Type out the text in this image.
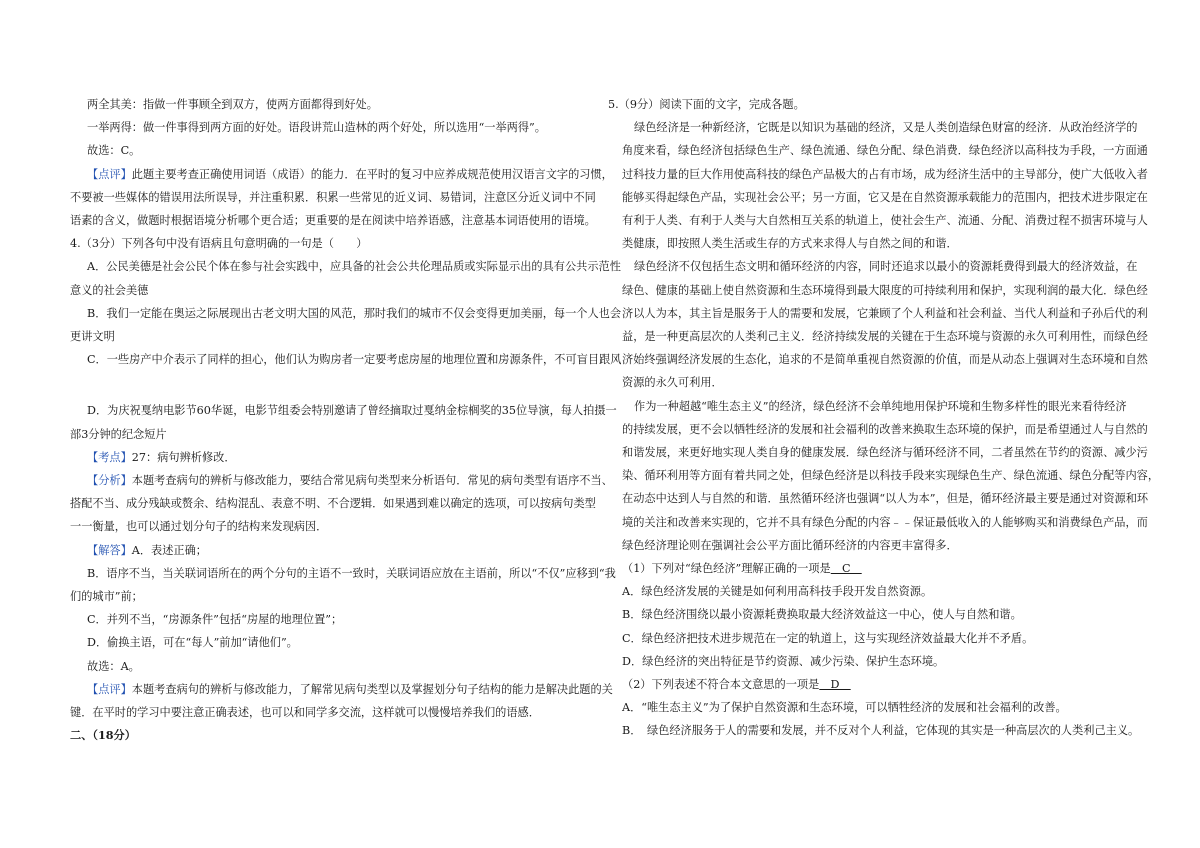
两全其美：指做一件事顾全到双方，使两方面都得到好处。

一举两得：做一件事得到两方面的好处。语段讲荒山造林的两个好处，所以选用“一举两得”。

故选：C。

【点评】此题主要考查正确使用词语（成语）的能力．在平时的复习中应养成规范使用汉语言文字的习惯，

不要被一些媒体的错误用法所误导，并注重积累．积累一些常见的近义词、易错词，注意区分近义词中不同

语素的含义，做题时根据语境分析哪个更合适；更重要的是在阅读中培养语感，注意基本词语使用的语境。

4.（3分）下列各句中没有语病且句意明确的一句是（　　）

A．公民美德是社会公民个体在参与社会实践中，应具备的社会公共伦理品质或实际显示出的具有公共示范性

意义的社会美德

B．我们一定能在奥运之际展现出古老文明大国的风范，那时我们的城市不仅会变得更加美丽，每一个人也会

更讲文明

C．一些房产中介表示了同样的担心，他们认为购房者一定要考虑房屋的地理位置和房源条件，不可盲目跟风

D．为庆祝戛纳电影节60华诞，电影节组委会特别邀请了曾经摘取过戛纳金棕榈奖的35位导演，每人拍摄一

部3分钟的纪念短片

【考点】27：病句辨析修改．

【分析】本题考查病句的辨析与修改能力，要结合常见病句类型来分析语句．常见的病句类型有语序不当、

搭配不当、成分残缺或赘余、结构混乱、表意不明、不合逻辑．如果遇到难以确定的选项，可以按病句类型

一一衡量，也可以通过划分句子的结构来发现病因．

【解答】A．表述正确；

B．语序不当，当关联词语所在的两个分句的主语不一致时，关联词语应放在主语前，所以“不仅”应移到“我

们的城市”前；

C．并列不当，“房源条件”包括“房屋的地理位置”；

D．偷换主语，可在“每人”前加“请他们”。

故选：A。

【点评】本题考查病句的辨析与修改能力，了解常见病句类型以及掌握划分句子结构的能力是解决此题的关

键．在平时的学习中要注意正确表述，也可以和同学多交流，这样就可以慢慢培养我们的语感．

二、（18分）

5.（9分）阅读下面的文字，完成各题。

绿色经济是一种新经济，它既是以知识为基础的经济，又是人类创造绿色财富的经济．从政治经济学的

角度来看，绿色经济包括绿色生产、绿色流通、绿色分配、绿色消费．绿色经济以高科技为手段，一方面通

过科技力量的巨大作用使高科技的绿色产品极大的占有市场，成为经济生活中的主导部分，使广大低收入者

能够买得起绿色产品，实现社会公平；另一方面，它又是在自然资源承载能力的范围内，把技术进步限定在

有利于人类、有利于人类与大自然相互关系的轨道上，使社会生产、流通、分配、消费过程不损害环境与人

类健康，即按照人类生活或生存的方式来求得人与自然之间的和谐．

绿色经济不仅包括生态文明和循环经济的内容，同时还追求以最小的资源耗费得到最大的经济效益，在

绿色、健康的基础上使自然资源和生态环境得到最大限度的可持续利用和保护，实现利润的最大化．绿色经

济以人为本，其主旨是服务于人的需要和发展，它兼顾了个人利益和社会利益、当代人利益和子孙后代的利

益，是一种更高层次的人类利己主义．经济持续发展的关键在于生态环境与资源的永久可利用性，而绿色经

济始终强调经济发展的生态化，追求的不是简单重视自然资源的价值，而是从动态上强调对生态环境和自然

资源的永久可利用．

作为一种超越“唯生态主义”的经济，绿色经济不会单纯地用保护环境和生物多样性的眼光来看待经济

的持续发展，更不会以牺牲经济的发展和社会福利的改善来换取生态环境的保护，而是希望通过人与自然的

和谐发展，来更好地实现人类自身的健康发展．绿色经济与循环经济不同，二者虽然在节约的资源、减少污

染、循环利用等方面有着共同之处，但绿色经济是以科技手段来实现绿色生产、绿色流通、绿色分配等内容，

在动态中达到人与自然的和谐．虽然循环经济也强调“以人为本”，但是，循环经济最主要是通过对资源和环

境的关注和改善来实现的，它并不具有绿色分配的内容﹣﹣保证最低收入的人能够购买和消费绿色产品，而

绿色经济理论则在强调社会公平方面比循环经济的内容更丰富得多．

（1）下列对“绿色经济”理解正确的一项是　C　

A．绿色经济发展的关键是如何利用高科技手段开发自然资源。

B．绿色经济围绕以最小资源耗费换取最大经济效益这一中心，使人与自然和谐。

C．绿色经济把技术进步规范在一定的轨道上，这与实现经济效益最大化并不矛盾。

D．绿色经济的突出特征是节约资源、减少污染、保护生态环境。

（2）下列表述不符合本文意思的一项是　D　

A．“唯生态主义”为了保护自然资源和生态环境，可以牺牲经济的发展和社会福利的改善。

B．　绿色经济服务于人的需要和发展，并不反对个人利益，它体现的其实是一种高层次的人类利己主义。
